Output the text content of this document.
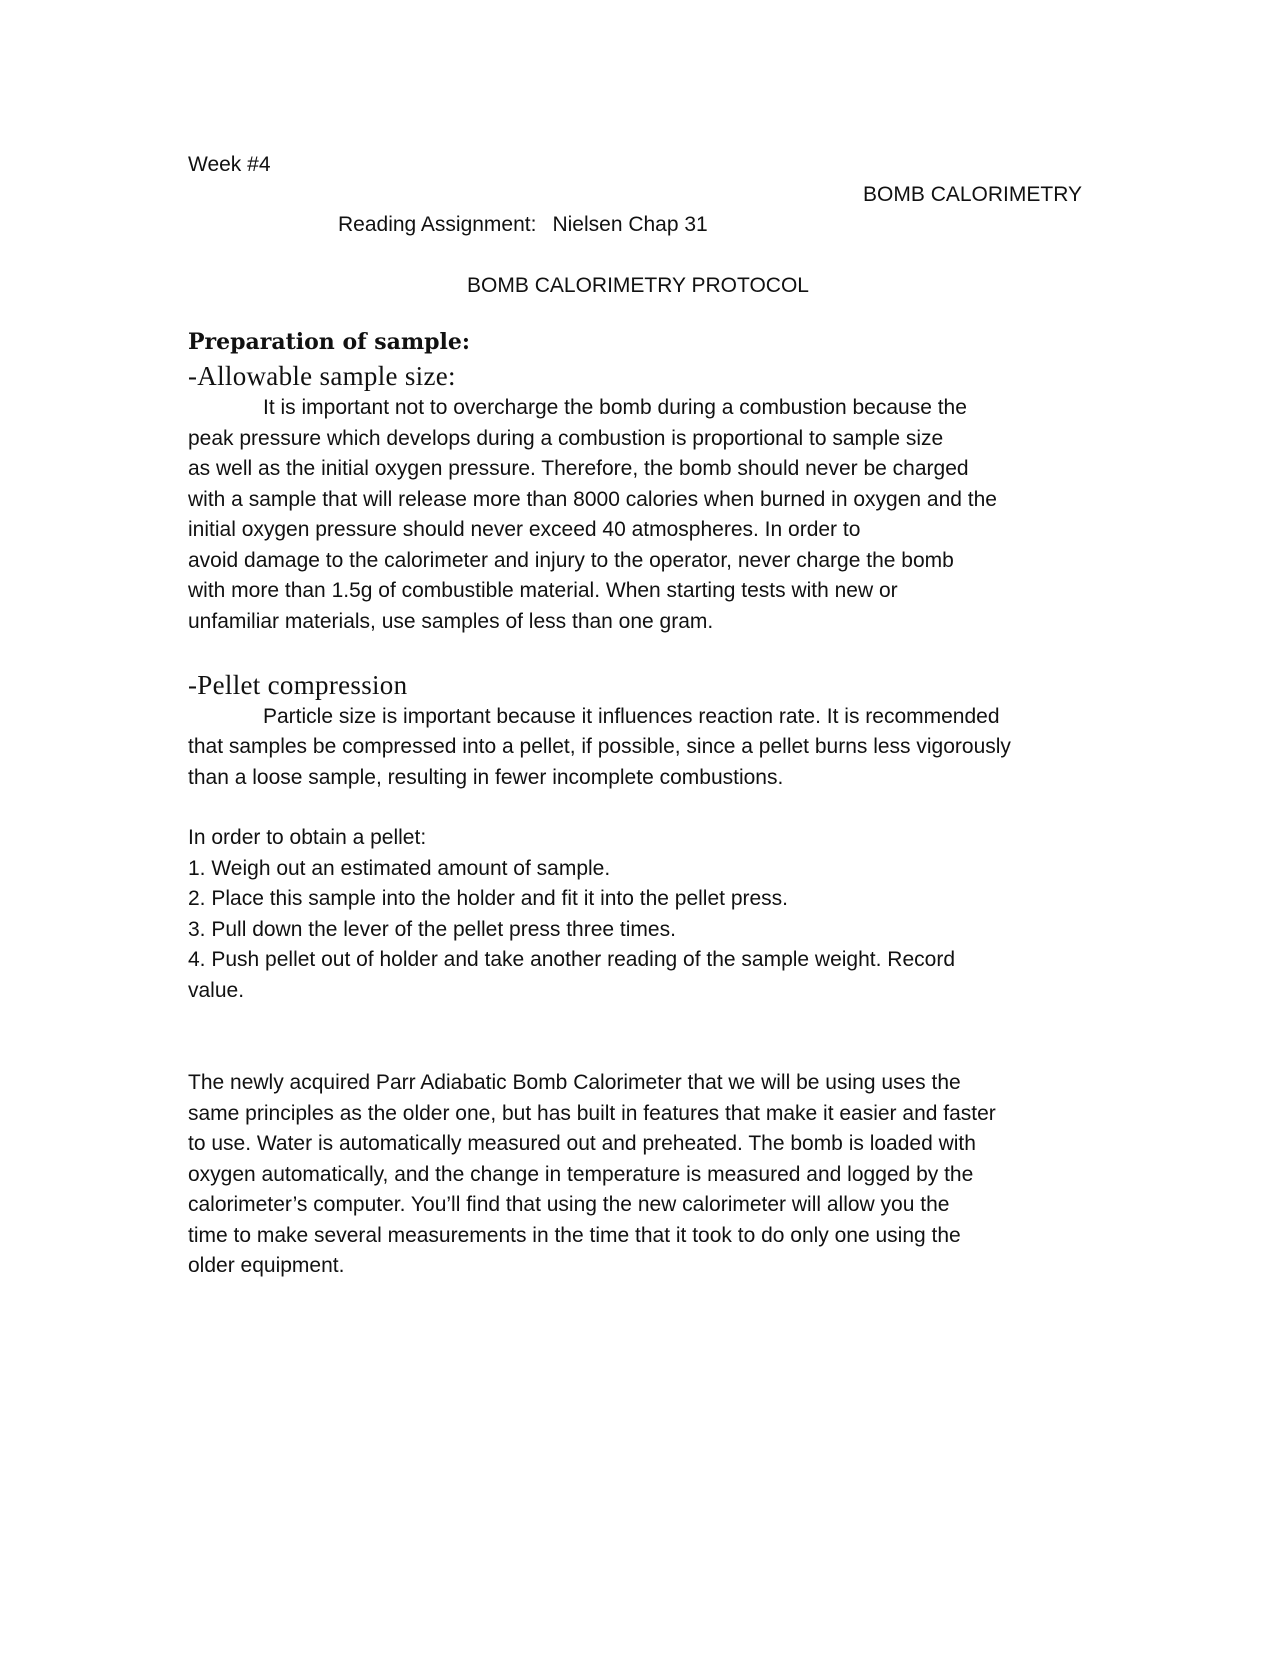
Week #4
BOMB CALORIMETRY
Reading Assignment: Nielsen Chap 31
BOMB CALORIMETRY PROTOCOL
Preparation of sample:
-Allowable sample size:
It is important not to overcharge the bomb during a combustion because the
peak pressure which develops during a combustion is proportional to sample size
as well as the initial oxygen pressure. Therefore, the bomb should never be charged
with a sample that will release more than 8000 calories when burned in oxygen and the
initial oxygen pressure should never exceed 40 atmospheres. In order to
avoid damage to the calorimeter and injury to the operator, never charge the bomb
with more than 1.5g of combustible material. When starting tests with new or
unfamiliar materials, use samples of less than one gram.
-Pellet compression
Particle size is important because it influences reaction rate. It is recommended
that samples be compressed into a pellet, if possible, since a pellet burns less vigorously
than a loose sample, resulting in fewer incomplete combustions.
In order to obtain a pellet:
1. Weigh out an estimated amount of sample.
2. Place this sample into the holder and fit it into the pellet press.
3. Pull down the lever of the pellet press three times.
4. Push pellet out of holder and take another reading of the sample weight. Record
value.
The newly acquired Parr Adiabatic Bomb Calorimeter that we will be using uses the
same principles as the older one, but has built in features that make it easier and faster
to use. Water is automatically measured out and preheated. The bomb is loaded with
oxygen automatically, and the change in temperature is measured and logged by the
calorimeter’s computer. You’ll find that using the new calorimeter will allow you the
time to make several measurements in the time that it took to do only one using the
older equipment.
